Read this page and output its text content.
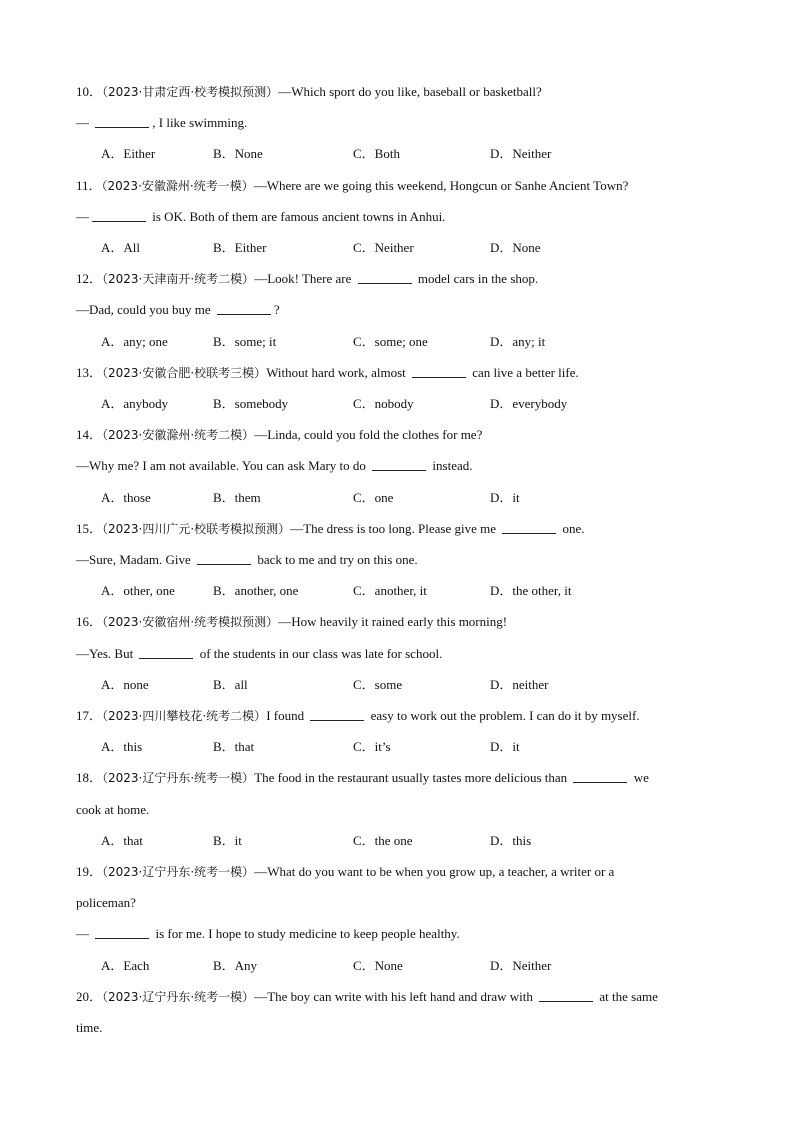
10．（2023·甘肃定西·校考模拟预测）—Which sport do you like, baseball or basketball?
—	, I like swimming.
A．Either	B．None	C．Both	D．Neither
11．（2023·安徽滁州·统考一模）—Where are we going this weekend, Hongcun or Sanhe Ancient Town?
—	is OK. Both of them are famous ancient towns in Anhui.
A．All	B．Either	C．Neither	D．None
12．（2023·天津南开·统考二模）—Look! There are	model cars in the shop.
—Dad, could you buy me	?
A．any; one	B．some; it	C．some; one	D．any; it
13．（2023·安徽合肥·校联考三模）Without hard work, almost	can live a better life.
A．anybody	B．somebody	C．nobody	D．everybody
14．（2023·安徽滁州·统考二模）—Linda, could you fold the clothes for me?
—Why me? I am not available. You can ask Mary to do	instead.
A．those	B．them	C．one	D．it
15．（2023·四川广元·校联考模拟预测）—The dress is too long. Please give me	one.
—Sure, Madam. Give	back to me and try on this one.
A．other, one	B．another, one	C．another, it	D．the other, it
16．（2023·安徽宿州·统考模拟预测）—How heavily it rained early this morning!
—Yes. But	of the students in our class was late for school.
A．none	B．all	C．some	D．neither
17．（2023·四川攀枝花·统考二模）I found	easy to work out the problem. I can do it by myself.
A．this	B．that	C．it’s	D．it
18．（2023·辽宁丹东·统考一模）The food in the restaurant usually tastes more delicious than	we
cook at home.
A．that	B．it	C．the one	D．this
19．（2023·辽宁丹东·统考一模）—What do you want to be when you grow up, a teacher, a writer or a
policeman?
—	is for me. I hope to study medicine to keep people healthy.
A．Each	B．Any	C．None	D．Neither
20．（2023·辽宁丹东·统考一模）—The boy can write with his left hand and draw with	at the same
time.
